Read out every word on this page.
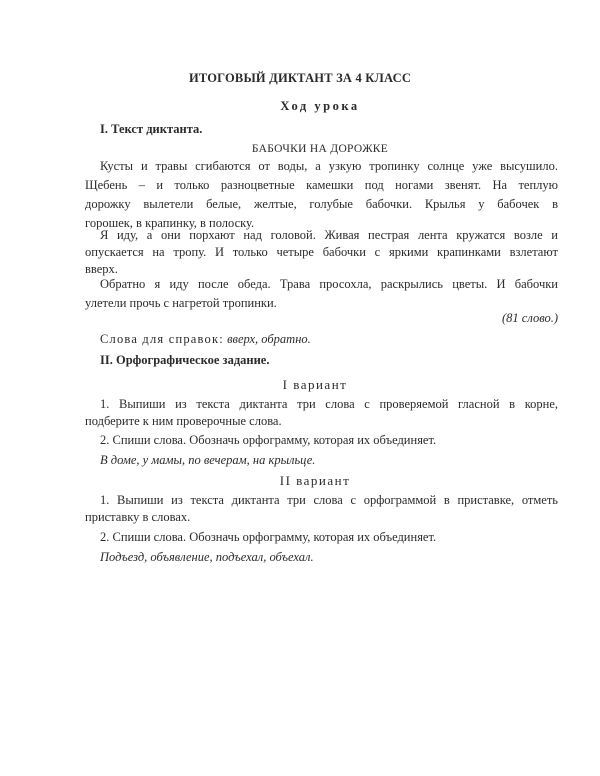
ИТОГОВЫЙ ДИКТАНТ ЗА 4 КЛАСС
Ход урока
I. Текст диктанта.
БАБОЧКИ НА ДОРОЖКЕ
Кусты и травы сгибаются от воды, а узкую тропинку солнце уже высушило.
Щебень – и только разноцветные камешки под ногами звенят. На теплую
дорожку вылетели белые, желтые, голубые бабочки. Крылья у бабочек в
горошек, в крапинку, в полоску.
Я иду, а они порхают над головой. Живая пестрая лента кружатся возле и
опускается на тропу. И только четыре бабочки с яркими крапинками взлетают
вверх.
Обратно я иду после обеда. Трава просохла, раскрылись цветы. И бабочки
улетели прочь с нагретой тропинки.
(81 слово.)
Слова для справок: вверх, обратно.
II. Орфографическое задание.
I вариант
1. Выпиши из текста диктанта три слова с проверяемой гласной в корне,
подберите к ним проверочные слова.
2. Спиши слова. Обозначь орфограмму, которая их объединяет.
В доме, у мамы, по вечерам, на крыльце.
II вариант
1. Выпиши из текста диктанта три слова с орфограммой в приставке, отметь
приставку в словах.
2. Спиши слова. Обозначь орфограмму, которая их объединяет.
Подъезд, объявление, подъехал, объехал.
